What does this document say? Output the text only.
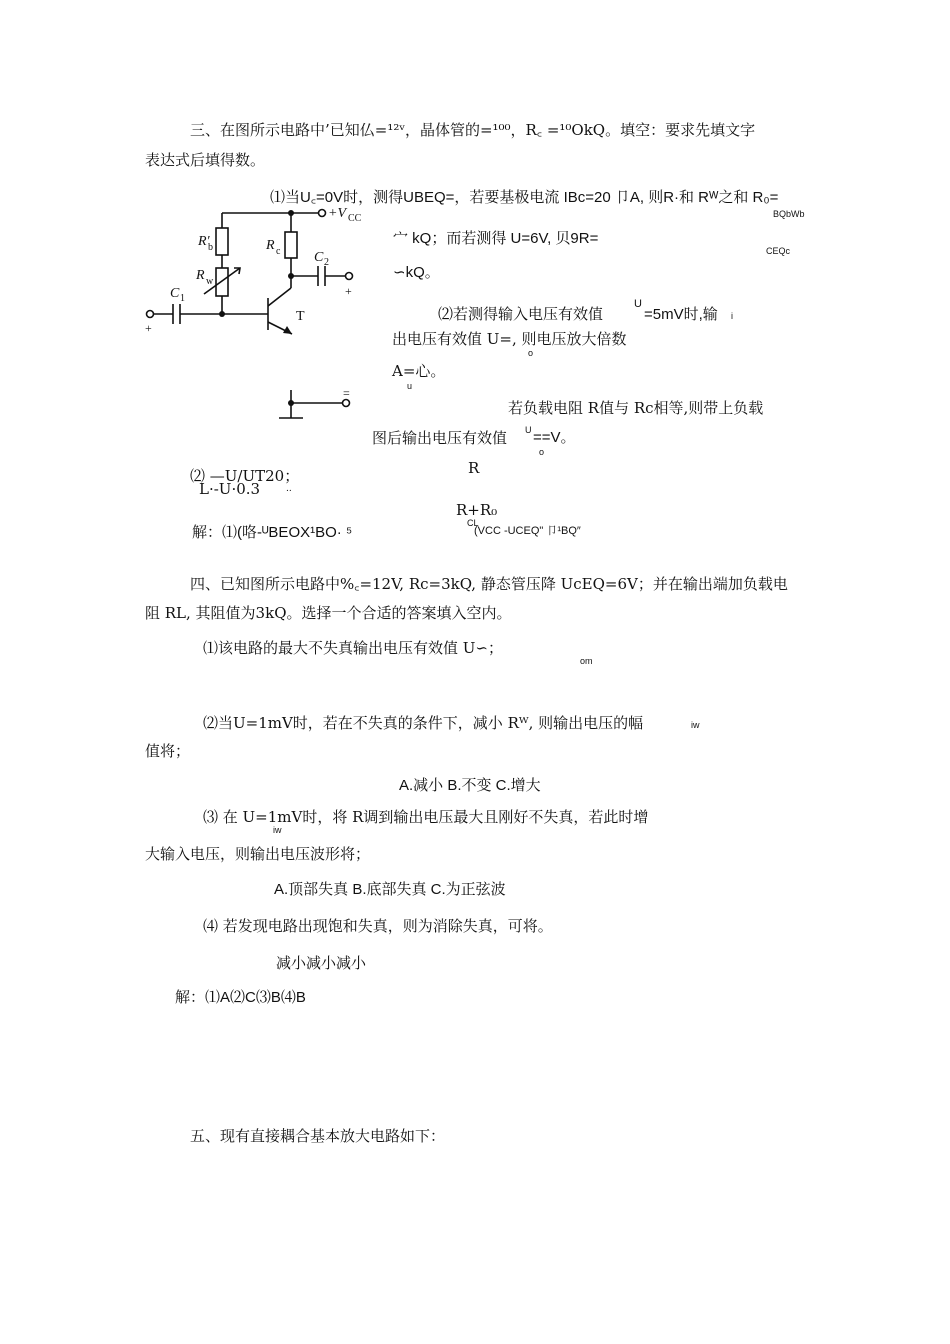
三、在图所示电路中’已知仏=¹²ᵛ，晶体管的=¹⁰⁰，R꜀ =¹⁰OkQ。填空：要求先填文字
表达式后填得数。
⑴当U꜀=0V时，测得UBEQ=，若要基极电流 IBc=20 卩A, 则R·和 Rᵂ之和 R₀=
BQbWb
宀 kQ；而若测得 U=6V, 贝9R=
CEQc
∽kQ。
⑵若测得输入电压有效值
U
=5mV时,输 i
出电压有效值 U=, 则电压放大倍数
o
A=心。
u
若负载电阻 R值与 Rc相等,则带上负载
图后输出电压有效值 U ==V。
o
R
R+R₀
CL
⑵ —U/UT20；
L·-U·0.3	..
解：⑴(咯-ᵁBEOX¹BO· ⁵	(VCC -UCEQ" 卩¹BQ″
+V CC
R′
b
R w
R c
C 1
C 2
T
+
+
=
四、已知图所示电路中%꜀=12V, Rc=3kQ, 静态管压降 UcEQ=6V；并在输出端加负载电
阻 RL, 其阻值为3kQ。选择一个合适的答案填入空内。
⑴该电路的最大不失真输出电压有效值 U∽；
om
⑵当U=1mV时，若在不失真的条件下，减小 Rᵂ, 则输出电压的幅	iw
值将；
A.减小 B.不变 C.增大
⑶ 在 U=1mV时，将 R调到输出电压最大且刚好不失真，若此时增
iw
大输入电压，则输出电压波形将；
A.顶部失真 B.底部失真 C.为正弦波
⑷ 若发现电路出现饱和失真，则为消除失真，可将。
减小减小减小
解：⑴A⑵C⑶B⑷B
五、现有直接耦合基本放大电路如下：
